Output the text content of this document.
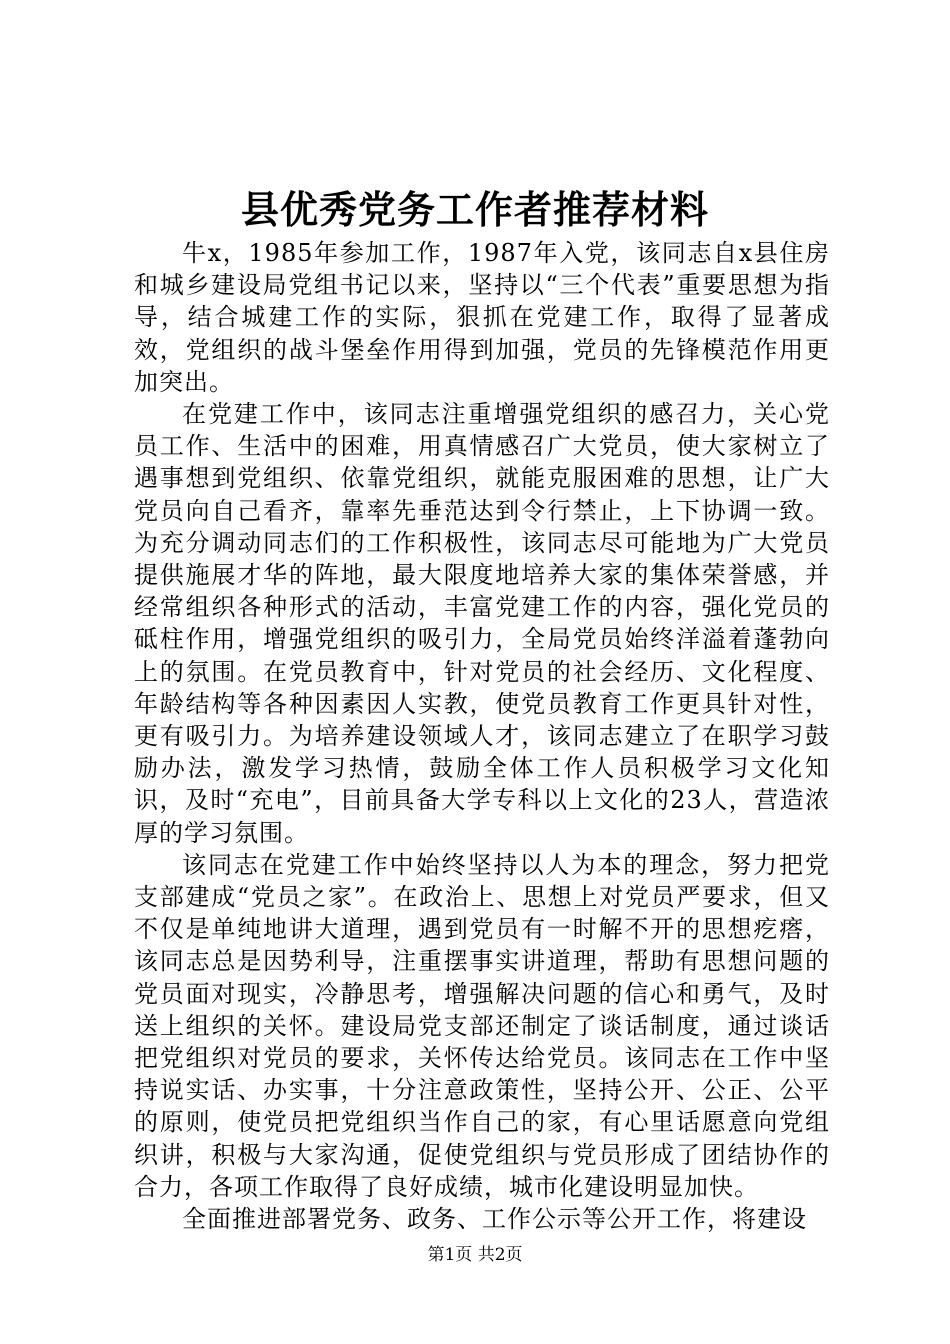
县优秀党务工作者推荐材料

牛x，1985年参加工作，1987年入党，该同志自x县住房和城乡建设局党组书记以来，坚持以“三个代表”重要思想为指导，结合城建工作的实际，狠抓在党建工作，取得了显著成效，党组织的战斗堡垒作用得到加强，党员的先锋模范作用更加突出。

在党建工作中，该同志注重增强党组织的感召力，关心党员工作、生活中的困难，用真情感召广大党员，使大家树立了遇事想到党组织、依靠党组织，就能克服困难的思想，让广大党员向自己看齐，靠率先垂范达到令行禁止，上下协调一致。为充分调动同志们的工作积极性，该同志尽可能地为广大党员提供施展才华的阵地，最大限度地培养大家的集体荣誉感，并经常组织各种形式的活动，丰富党建工作的内容，强化党员的砥柱作用，增强党组织的吸引力，全局党员始终洋溢着蓬勃向上的氛围。在党员教育中，针对党员的社会经历、文化程度、年龄结构等各种因素因人实教，使党员教育工作更具针对性，更有吸引力。为培养建设领域人才，该同志建立了在职学习鼓励办法，激发学习热情，鼓励全体工作人员积极学习文化知识，及时“充电”，目前具备大学专科以上文化的23人，营造浓厚的学习氛围。

该同志在党建工作中始终坚持以人为本的理念，努力把党支部建成“党员之家”。在政治上、思想上对党员严要求，但又不仅是单纯地讲大道理，遇到党员有一时解不开的思想疙瘩，该同志总是因势利导，注重摆事实讲道理，帮助有思想问题的党员面对现实，冷静思考，增强解决问题的信心和勇气，及时送上组织的关怀。建设局党支部还制定了谈话制度，通过谈话把党组织对党员的要求，关怀传达给党员。该同志在工作中坚持说实话、办实事，十分注意政策性，坚持公开、公正、公平的原则，使党员把党组织当作自己的家，有心里话愿意向党组织讲，积极与大家沟通，促使党组织与党员形成了团结协作的合力，各项工作取得了良好成绩，城市化建设明显加快。

全面推进部署党务、政务、工作公示等公开工作，将建设

第1页 共2页
